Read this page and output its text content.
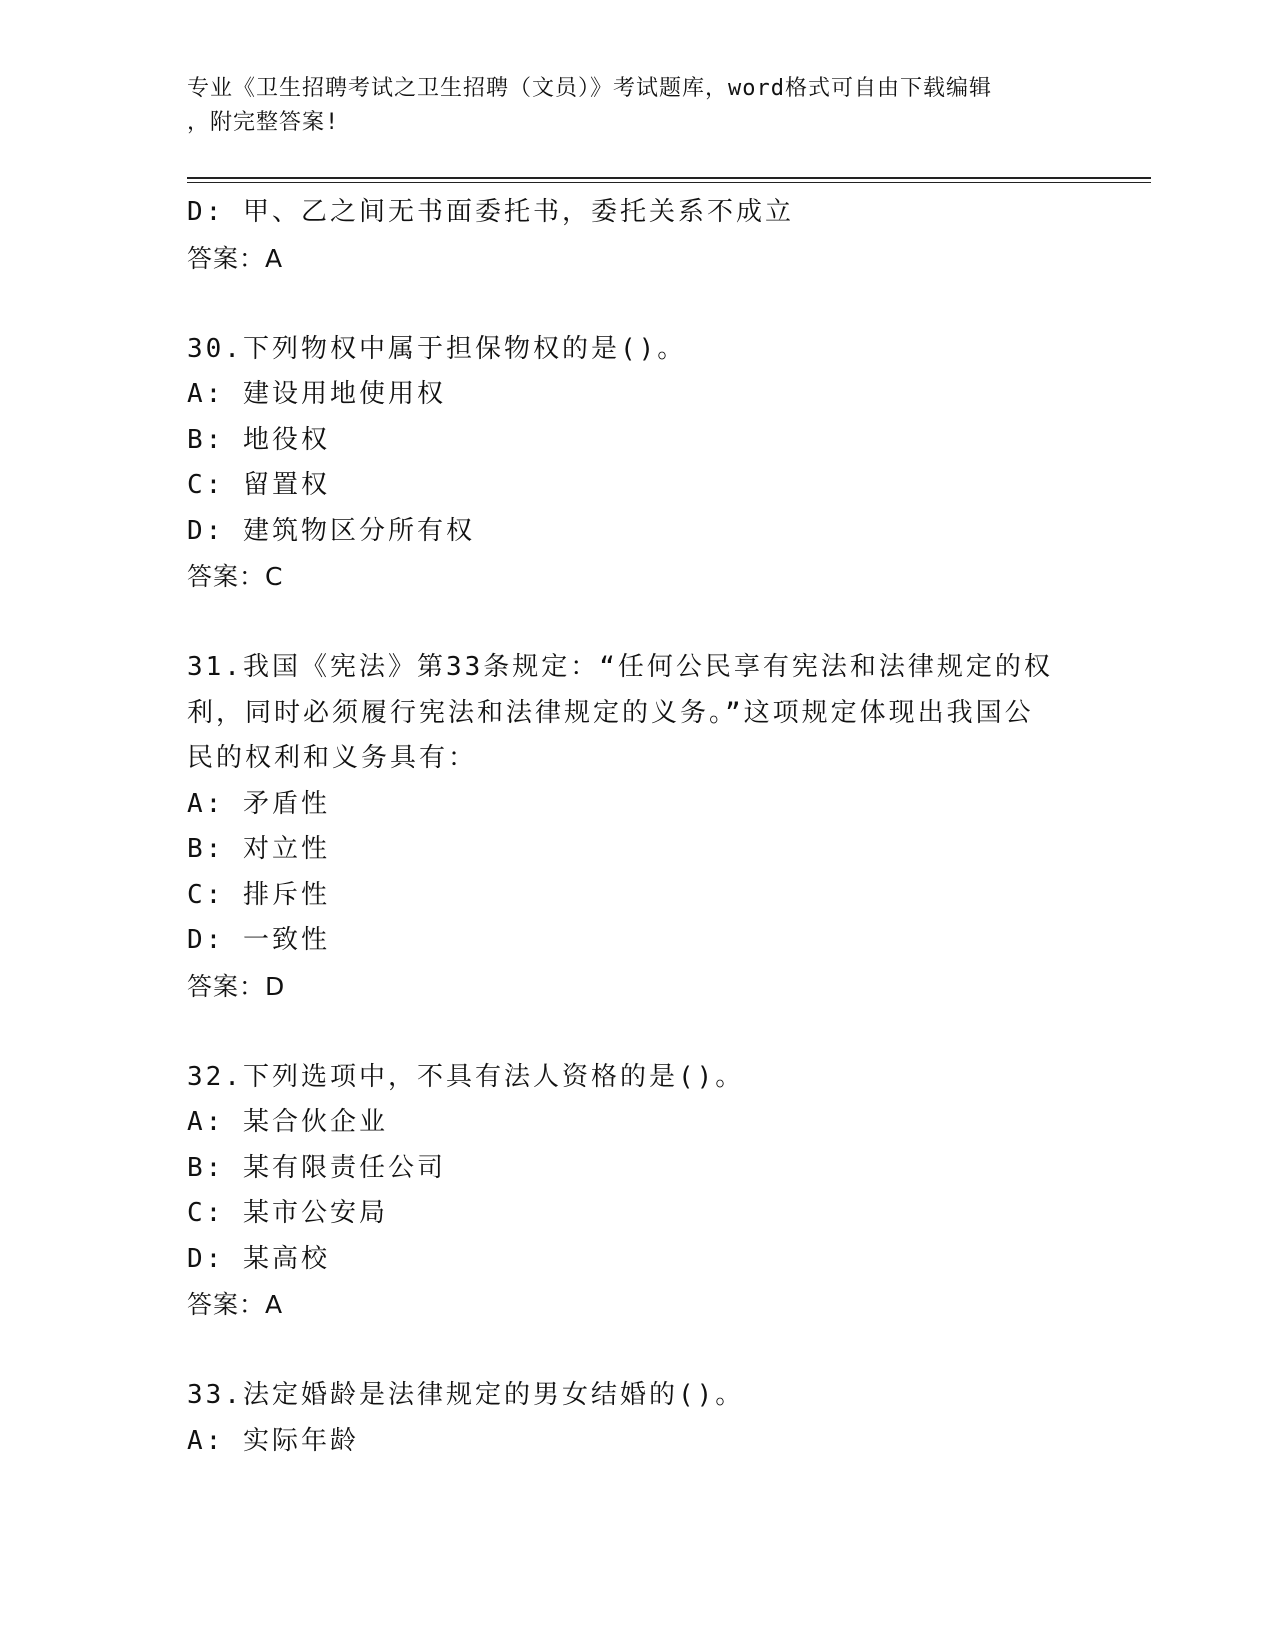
专业《卫生招聘考试之卫生招聘（文员）》考试题库，word格式可自由下载编辑
，附完整答案!
D: 甲、乙之间无书面委托书，委托关系不成立
答案：A
30.下列物权中属于担保物权的是()。
A: 建设用地使用权
B: 地役权
C: 留置权
D: 建筑物区分所有权
答案：C
31.我国《宪法》第33条规定：“任何公民享有宪法和法律规定的权
利，同时必须履行宪法和法律规定的义务。”这项规定体现出我国公
民的权利和义务具有：
A: 矛盾性
B: 对立性
C: 排斥性
D: 一致性
答案：D
32.下列选项中，不具有法人资格的是()。
A: 某合伙企业
B: 某有限责任公司
C: 某市公安局
D: 某高校
答案：A
33.法定婚龄是法律规定的男女结婚的()。
A: 实际年龄
